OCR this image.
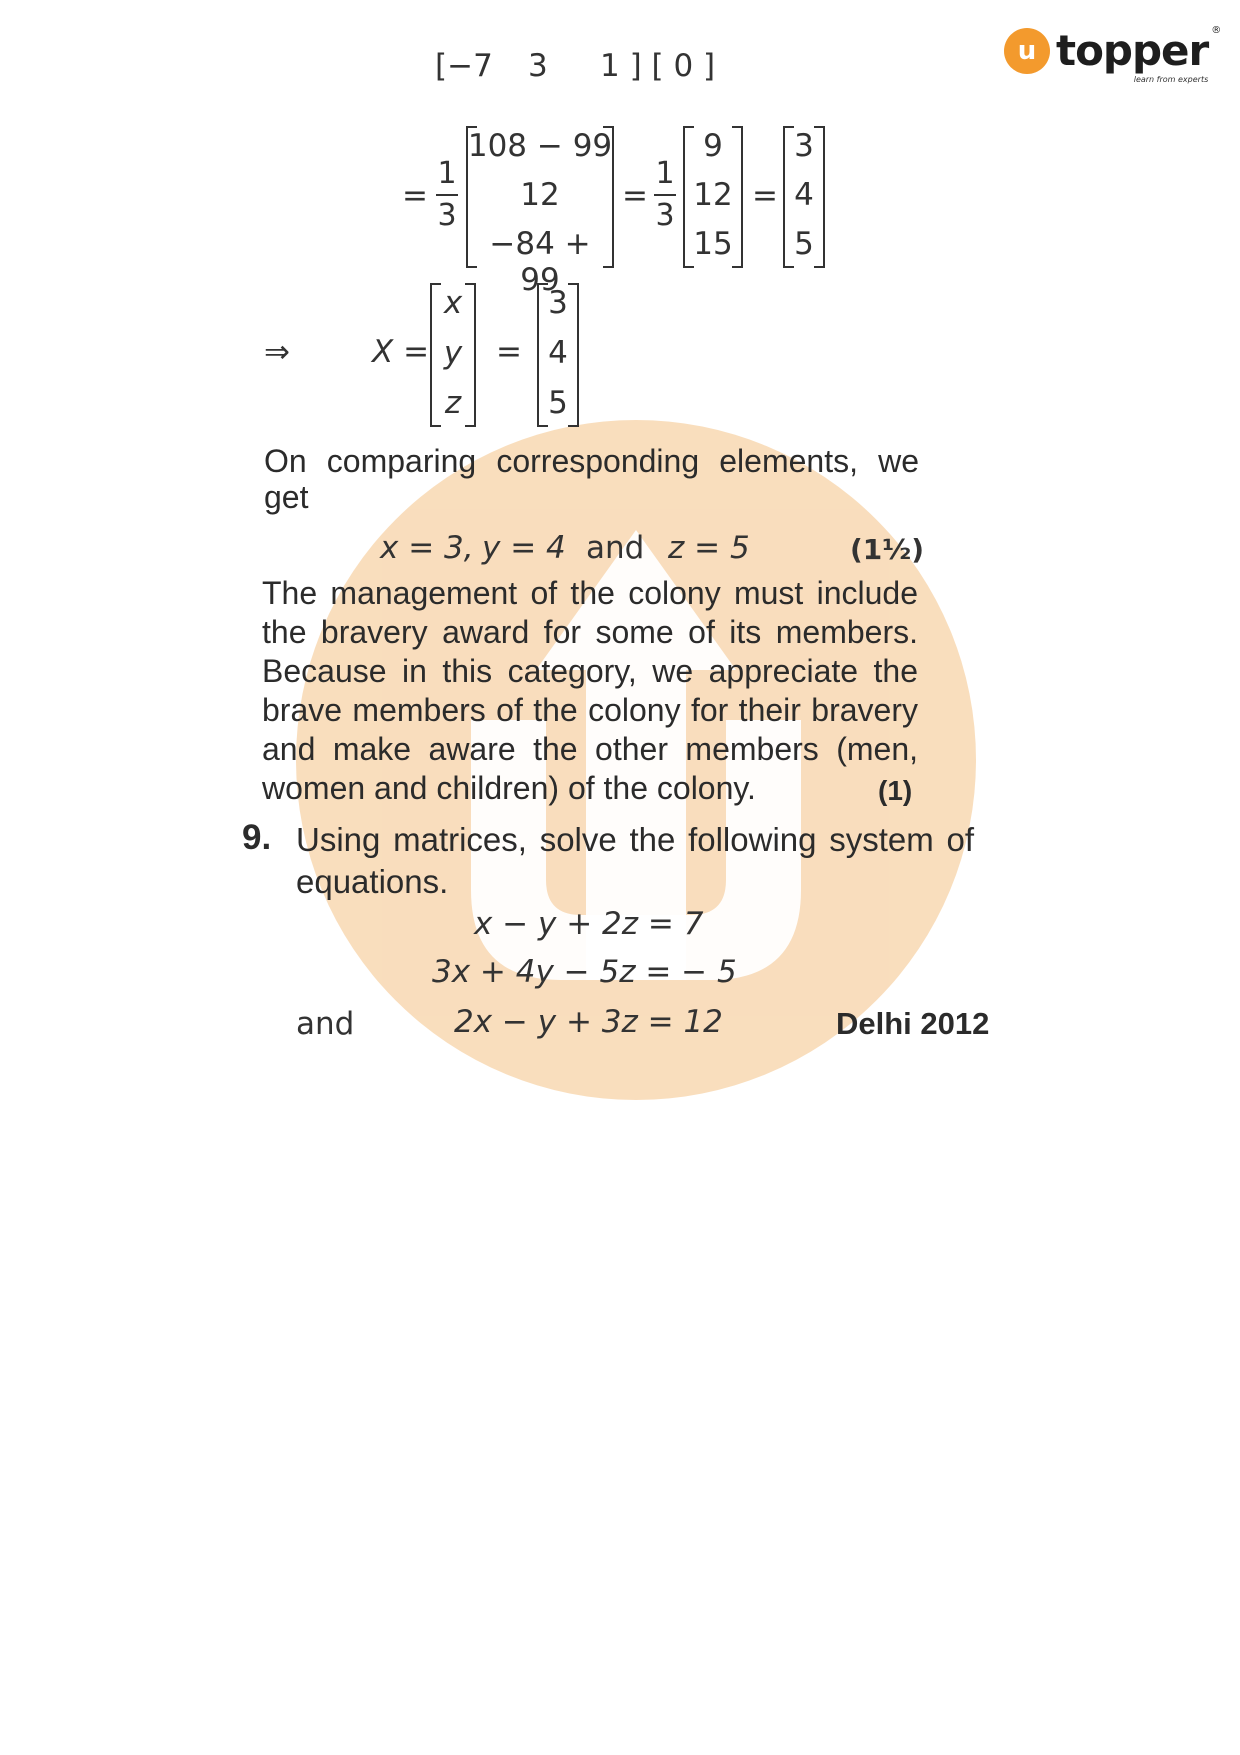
u topper ®
learn from experts
[−7 3 1 ] [ 0 ]
=
1
3
108 − 99
12
−84 + 99
=
1
3
9
12
15
=
3
4
5
⇒	X =
x
y
z
=
3
4
5
On comparing corresponding elements, we
get
x = 3, y = 4 and z = 5	(1½)
The management of the colony must include
the bravery award for some of its members.
Because in this category, we appreciate the
brave members of the colony for their bravery
and make aware the other members (men,
women and children) of the colony.	(1)
9. Using matrices, solve the following system of
equations.
x − y + 2z = 7
3x + 4y − 5z = − 5
and	2x − y + 3z = 12	Delhi 2012
